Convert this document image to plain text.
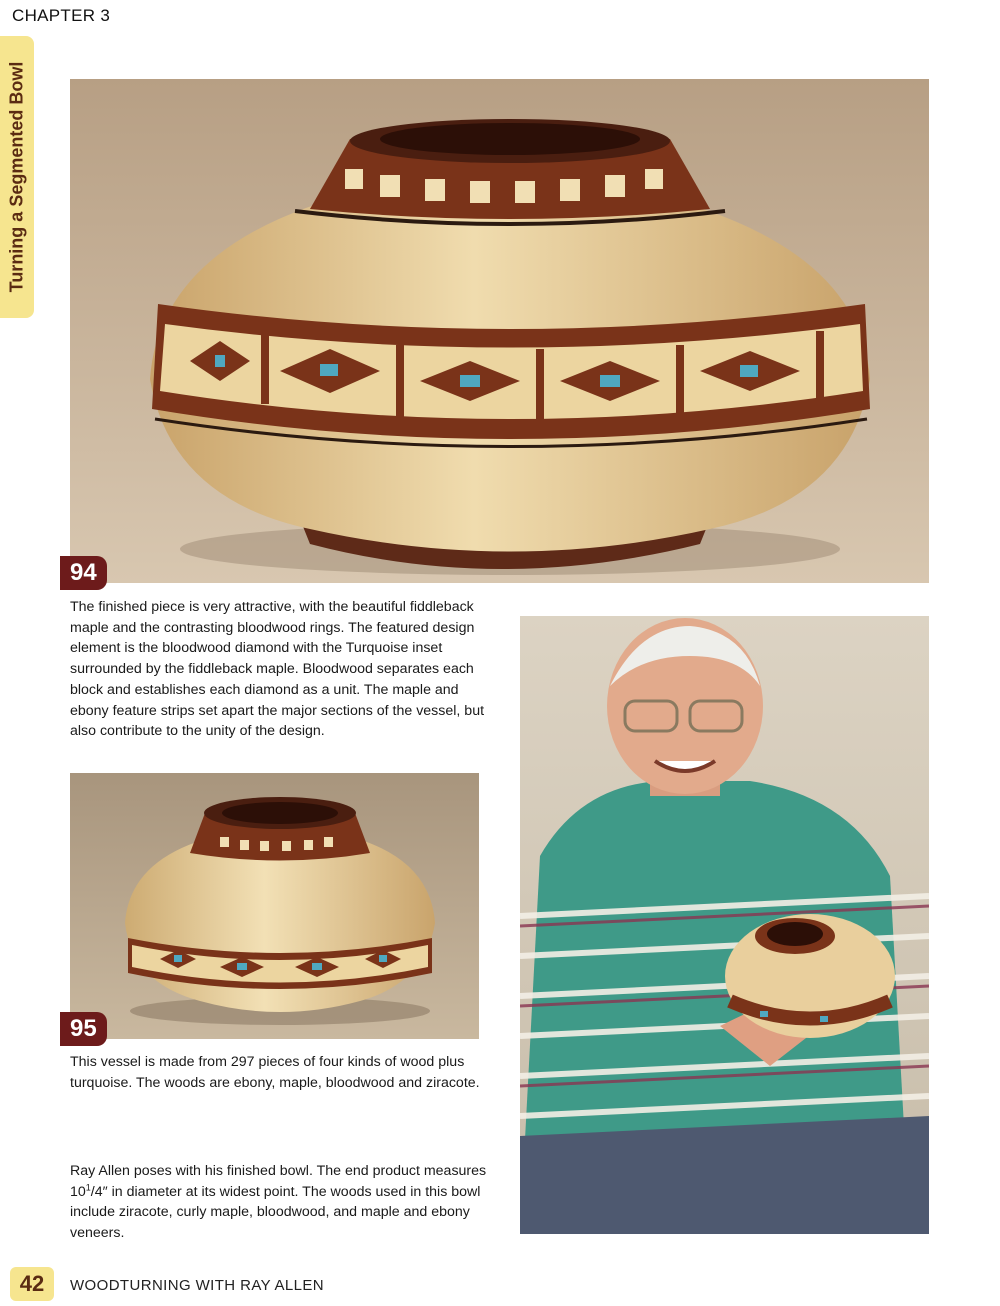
CHAPTER 3
Turning a Segmented Bowl
94
The finished piece is very attractive, with the beautiful fiddleback maple and the contrasting bloodwood rings. The featured design element is the bloodwood diamond with the Turquoise inset surrounded by the fiddleback maple. Bloodwood separates each block and establishes each diamond as a unit. The maple and ebony feature strips set apart the major sections of the vessel, but also contribute to the unity of the design.
95
This vessel is made from 297 pieces of four kinds of wood plus turquoise. The woods are ebony, maple, bloodwood and ziracote.
Ray Allen poses with his finished bowl. The end product measures $10^1/4''$ in diameter at its widest point. The woods used in this bowl include ziracote, curly maple, bloodwood, and maple and ebony veneers.
42	WOODTURNING WITH RAY ALLEN
